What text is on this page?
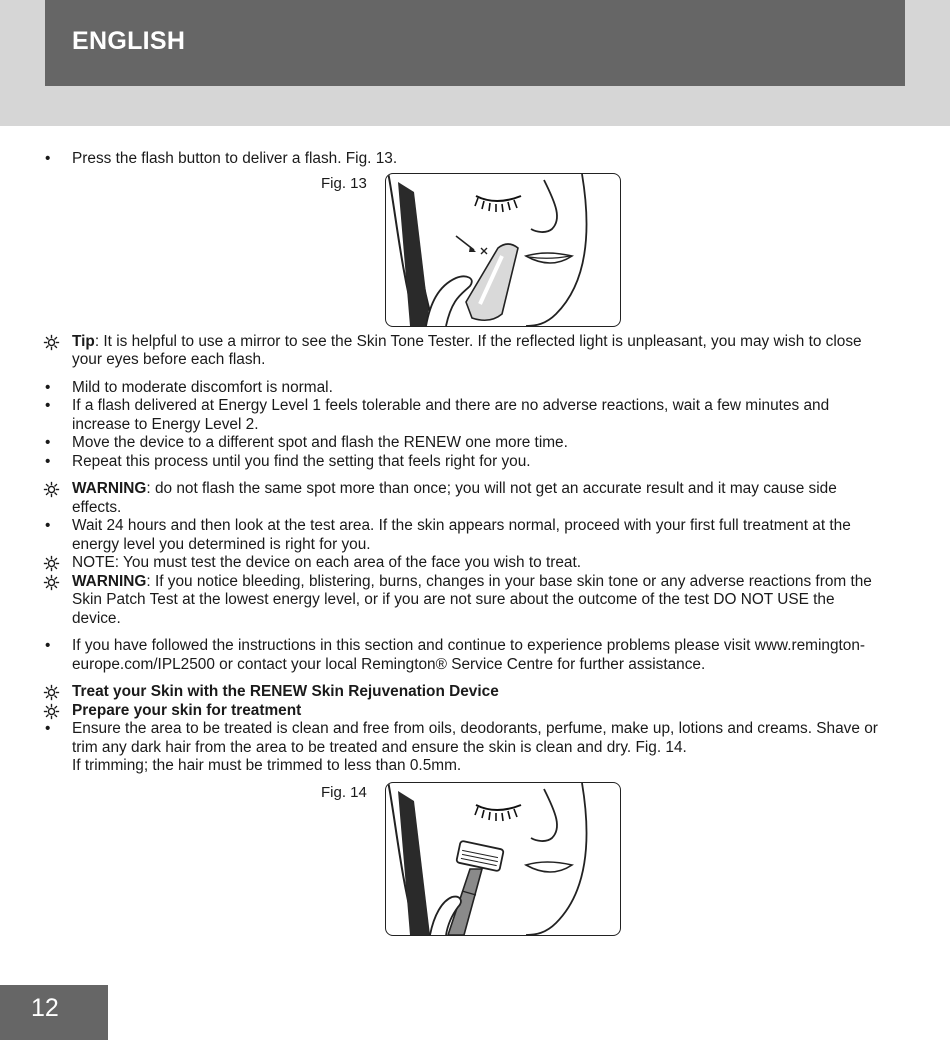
ENGLISH
•	Press the flash button to deliver a flash. Fig. 13.
Fig. 13
Tip: It is helpful to use a mirror to see the Skin Tone Tester. If the reflected light is unpleasant, you may wish to close your eyes before each flash.
•	Mild to moderate discomfort is normal.
•	If a flash delivered at Energy Level 1 feels tolerable and there are no adverse reactions, wait a few minutes and increase to Energy Level 2.
•	Move the device to a different spot and flash the RENEW one more time.
•	Repeat this process until you find the setting that feels right for you.
WARNING: do not flash the same spot more than once; you will not get an accurate result and it may cause side effects.
•	Wait 24 hours and then look at the test area. If the skin appears normal, proceed with your first full treatment at the energy level you determined is right for you.
NOTE: You must test the device on each area of the face you wish to treat.
WARNING: If you notice bleeding, blistering, burns, changes in your base skin tone or any adverse reactions from the Skin Patch Test at the lowest energy level, or if you are not sure about the outcome of the test DO NOT USE the device.
•	If you have followed the instructions in this section and continue to experience problems please visit www.remington-europe.com/IPL2500 or contact your local Remington® Service Centre for further assistance.
Treat your Skin with the RENEW Skin Rejuvenation Device
Prepare your skin for treatment
•	Ensure the area to be treated is clean and free from oils, deodorants, perfume, make up, lotions and creams. Shave or trim any dark hair from the area to be treated and ensure the skin is clean and dry. Fig. 14.
If trimming; the hair must be trimmed to less than 0.5mm.
Fig. 14
12
